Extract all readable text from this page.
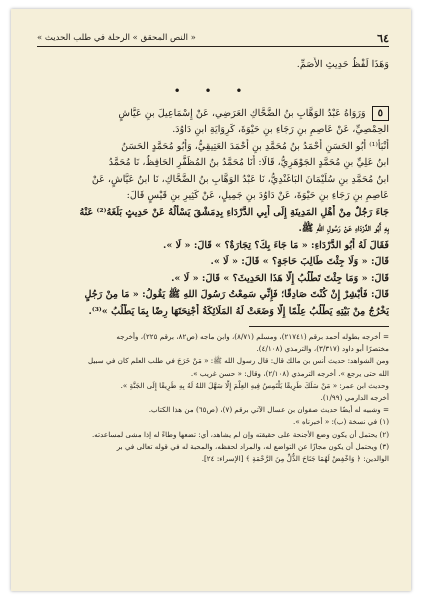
٦٤
« النص المحقق » الرحلة في طلب الحديث »
وَهَذَا لَفْظُ حَدِيثِ الأَصَمِّ.
• • •
٥وَرَوَاهُ عَبْدُ الوَهَّابِ بنُ الضَّحَّاكِ العَرَضِي، عَنْ إِسْمَاعِيلَ بنِ عَيَّاشٍ
الحِمْصِيِّ، عَنْ عَاصِمِ بنِ رَجَاءِ بنِ حَيْوَةَ، كَرِوَايَةِ ابنِ دَاوُدَ.
أَنْبَأَ⁽¹⁾ أَبُو الحَسَنِ أَحْمَدُ بنُ مُحَمَّدِ بنِ أَحْمَدَ العَتِيقِيُّ، وَأَبُو مُحَمَّدٍ الحَسَنُ
ابنُ عَلِيِّ بنِ مُحَمَّدٍ الجَوْهَرِيُّ، قَالَا: أَنَا مُحَمَّدُ بنُ المُظَفَّرِ الحَافِظُ، نَا مُحَمَّدُ
ابنُ مُحَمَّدِ بنِ سُلَيْمَانَ البَاغَنْدِيُّ، نَا عَبْدُ الوَهَّابِ بنُ الضَّحَّاكِ، نَا ابنُ عَيَّاشٍ، عَنْ
عَاصِمِ بنِ رَجَاءِ بنِ حَيْوَةَ، عَنْ دَاوُدَ بنِ جَمِيلٍ، عَنْ كَثِيرِ بنِ قَيْسٍ قَالَ:
جَاءَ رَجُلٌ مِنْ أَهْلِ المَدِينَةِ إِلَى أَبِي الدَّرْدَاءِ بِدِمَشْقَ يَسْأَلُهُ عَنْ حَدِيثٍ بَلَغَهُ⁽²⁾ عَنْهُ
بِهِ أَبُو الدَّرْدَاءِ عَنْ رَسُولِ اللهِ ﷺ.
فَقَالَ لَهُ أَبُو الدَّرْدَاءِ: « مَا جَاءَ بِكَ؟ تِجَارَةٌ؟ » قَالَ: « لَا ».
قَالَ: « وَلَا جِئْتَ طَالِبَ حَاجَةٍ؟ » قَالَ: « لَا ».
قَالَ: « وَمَا جِئْتَ تَطْلُبُ إِلَّا هَذَا الحَدِيثَ؟ » قَالَ: « لَا ».
قَالَ: فَأَبْشِرْ إِنْ كُنْتَ صَادِقًا؛ فَإِنِّي سَمِعْتُ رَسُولَ اللهِ ﷺ يَقُولُ: « مَا مِنْ رَجُلٍ
يَخْرُجُ مِنْ بَيْتِهِ يَطْلُبُ عِلْمًا إِلَّا وَضَعَتْ لَهُ المَلَائِكَةُ أَجْنِحَتَهَا رِضًا بِمَا يَطْلُبُ »⁽³⁾.
= أخرجه بطوله أحمد برقم (٢١٧٤١)، ومسلم (٨/٧١)، وابن ماجه (ص٨٢، برقم ٢٢٥)، وأخرجه
مختصرًا أبو داود (٣/٣١٧)، والترمذي (٤/١٠٨).
ومن الشواهد: حديث أنس بن مالك قال: قال رسول الله ﷺ: « مَنْ خَرَجَ في طلب العلم كان في سبيل
الله حتى يرجع ». أخرجه الترمذي (٢/١٠٨)، وقال: « حسن غريب ».
وحديث ابن عمر: « مَنْ سَلَكَ طَرِيقًا يَلْتَمِسُ فِيهِ العِلْمَ إِلَّا سَهَّلَ اللهُ لَهُ بِهِ طَرِيقًا إِلَى الجَنَّةِ ».
أخرجه الدارمي (١/٩٩).
= وشبيه له أيضًا حديث صفوان بن عسال الآتي برقم (٧)، (ص٦٥) من هذا الكتاب.
(١) في نسخة (ب): « أخبرناه ».
(٢) يحتمل أن يكون وضع الأجنحة على حقيقته وإن لم يشاهد، أي: تضعها وطاءً له إذا مشى لمساعدته.
(٣) ويحتمل أن يكون مجازًا عن التواضع له، والمراد لحفظه، والمحبة له في قوله تعالى في بر
الوالدين: ﴿ وَاخْفِضْ لَهُمَا جَنَاحَ الذُّلِّ مِنَ الرَّحْمَةِ ﴾ [الإسراء: ٢٤].
